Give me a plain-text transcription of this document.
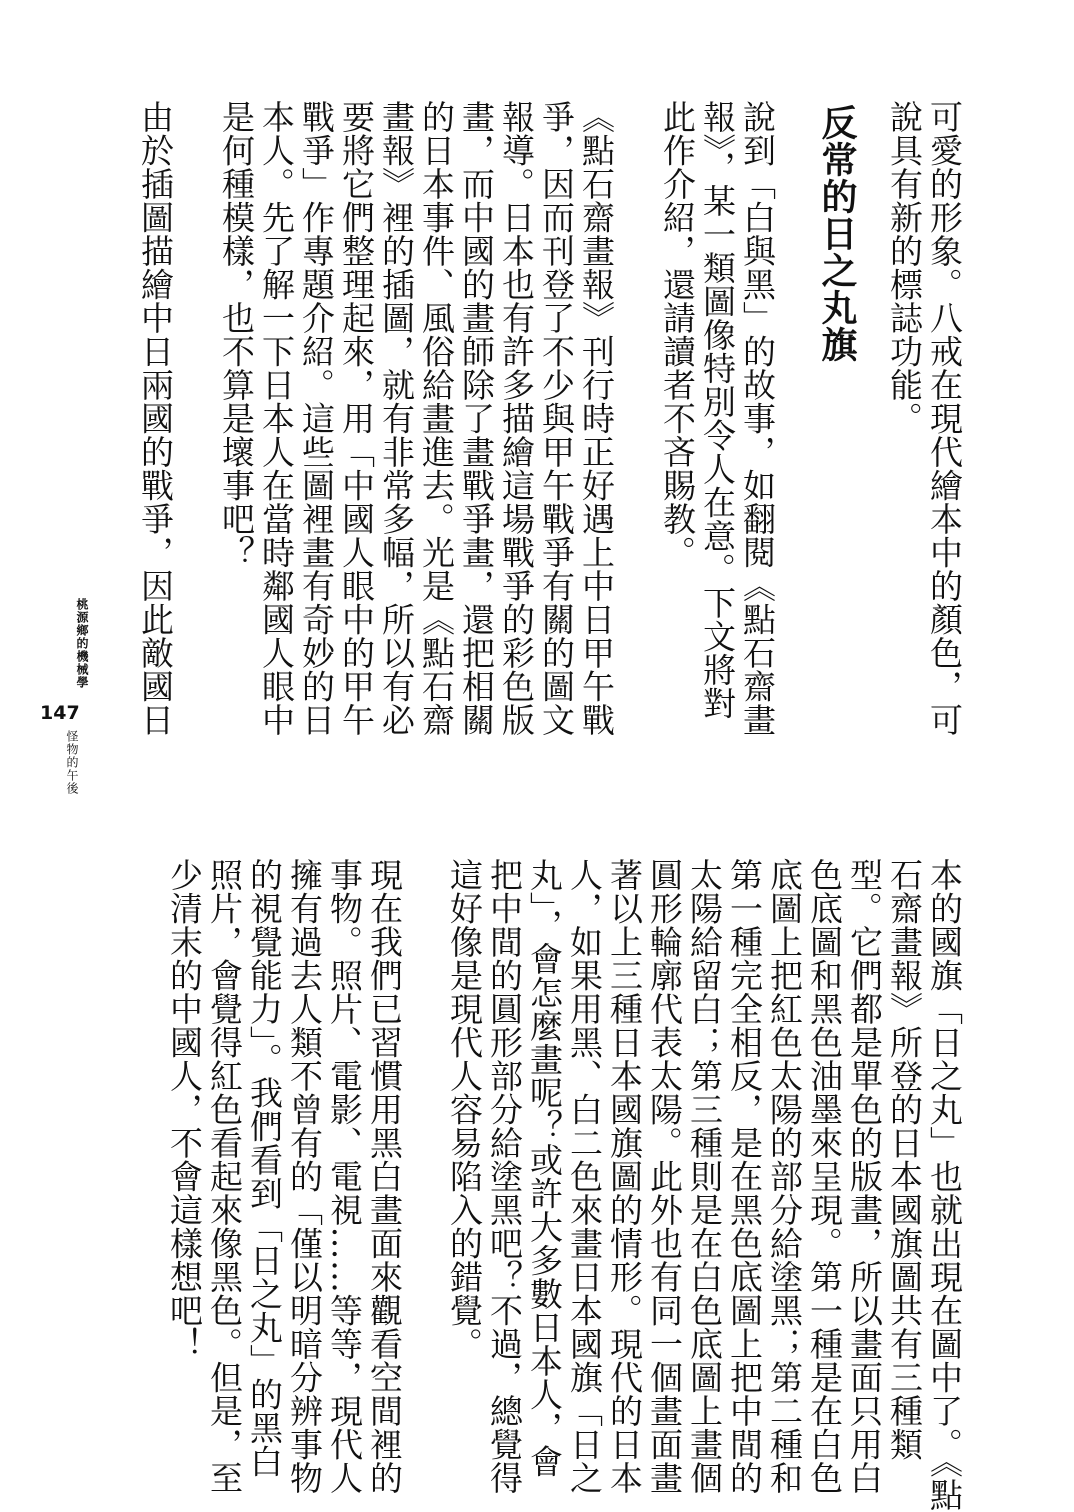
可愛的形象。八戒在現代繪本中的顏色，可
說具有新的標誌功能。
反常的日之丸旗
說到「白與黑」的故事，如翻閱《點石齋畫
報》，某一類圖像特別令人在意。下文將對
此作介紹，還請讀者不吝賜教。
《點石齋畫報》刊行時正好遇上中日甲午戰
爭，因而刊登了不少與甲午戰爭有關的圖文
報導。日本也有許多描繪這場戰爭的彩色版
畫，而中國的畫師除了畫戰爭畫，還把相關
的日本事件、風俗給畫進去。光是《點石齋
畫報》裡的插圖，就有非常多幅，所以有必
要將它們整理起來，用「中國人眼中的甲午
戰爭」作專題介紹。這些圖裡畫有奇妙的日
本人。先了解一下日本人在當時鄰國人眼中
是何種模樣，也不算是壞事吧？
由於插圖描繪中日兩國的戰爭，因此敵國日
桃源鄉的機械學
147
怪物的午後
本的國旗「日之丸」也就出現在圖中了。《點
石齋畫報》所登的日本國旗圖共有三種類
型。它們都是單色的版畫，所以畫面只用白
色底圖和黑色油墨來呈現。第一種是在白色
底圖上把紅色太陽的部分給塗黑；第二種和
第一種完全相反，是在黑色底圖上把中間的
太陽給留白；第三種則是在白色底圖上畫個
圓形輪廓代表太陽。此外也有同一個畫面畫
著以上三種日本國旗圖的情形。現代的日本
人，如果用黑、白二色來畫日本國旗「日之
丸」，會怎麼畫呢？或許大多數日本人，會
把中間的圓形部分給塗黑吧？不過，總覺得
這好像是現代人容易陷入的錯覺。
現在我們已習慣用黑白畫面來觀看空間裡的
事物。照片、電影、電視……等等，現代人
擁有過去人類不曾有的「僅以明暗分辨事物
的視覺能力」。我們看到「日之丸」的黑白
照片，會覺得紅色看起來像黑色。但是，至
少清末的中國人，不會這樣想吧！
